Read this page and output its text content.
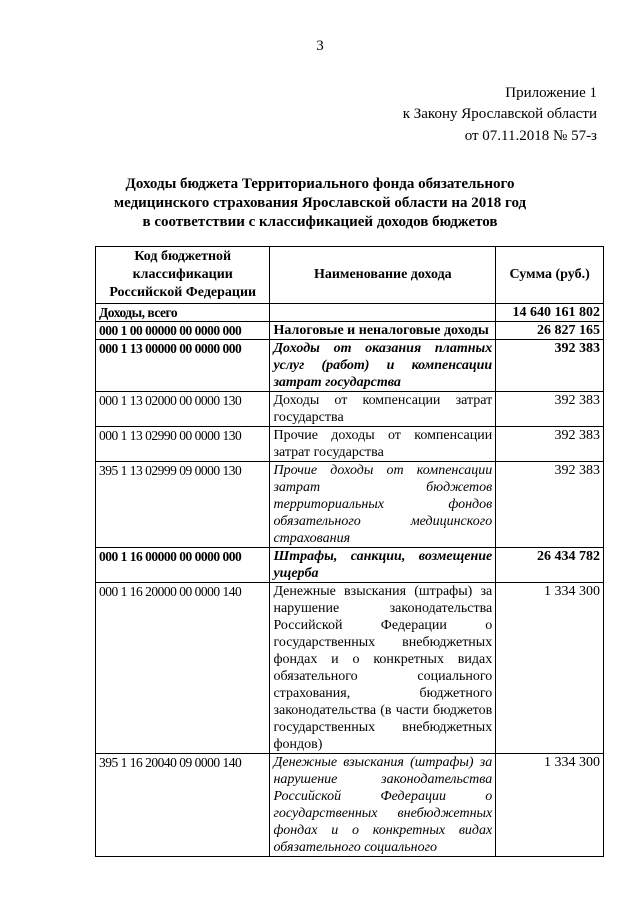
3
Приложение 1
к Закону Ярославской области
от 07.11.2018 № 57-з
Доходы бюджета Территориального фонда обязательного
медицинского страхования Ярославской области на 2018 год
в соответствии с классификацией доходов бюджетов
Код бюджетной классификации Российской Федерации	Наименование дохода	Сумма (руб.)
Доходы, всего		14 640 161 802
000 1 00 00000 00 0000 000	Налоговые и неналоговые доходы	26 827 165
000 1 13 00000 00 0000 000	Доходы от оказания платных услуг (работ) и компенсации затрат государства	392 383
000 1 13 02000 00 0000 130	Доходы от компенсации затрат государства	392 383
000 1 13 02990 00 0000 130	Прочие доходы от компенсации затрат государства	392 383
395 1 13 02999 09 0000 130	Прочие доходы от компенсации затрат бюджетов территориальных фондов обязательного медицинского страхования	392 383
000 1 16 00000 00 0000 000	Штрафы, санкции, возмещение ущерба	26 434 782
000 1 16 20000 00 0000 140	Денежные взыскания (штрафы) за нарушение законодательства Российской Федерации о государственных внебюджетных фондах и о конкретных видах обязательного социального страхования, бюджетного законодательства (в части бюджетов государственных внебюджетных фондов)	1 334 300
395 1 16 20040 09 0000 140	Денежные взыскания (штрафы) за нарушение законодательства Российской Федерации о государственных внебюджетных фондах и о конкретных видах обязательного социального	1 334 300
